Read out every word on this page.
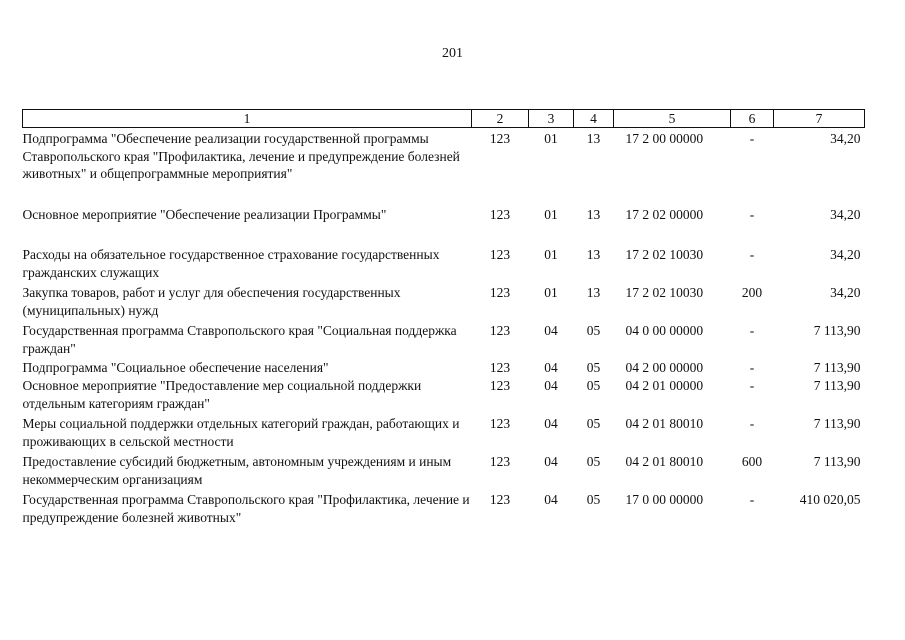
201
1	2	3	4	5	6	7

Подпрограмма "Обеспечение реализации государственной программы Ставропольского края "Профилактика, лечение и предупреждение болезней животных" и общепрограммные мероприятия"	123	01	13	17 2 00 00000	-	34,20
Основное мероприятие "Обеспечение реализации Программы"	123	01	13	17 2 02 00000	-	34,20
Расходы на обязательное государственное страхование государственных гражданских служащих	123	01	13	17 2 02 10030	-	34,20
Закупка товаров, работ и услуг для обеспечения государственных (муниципальных) нужд	123	01	13	17 2 02 10030	200	34,20
Государственная программа Ставропольского края "Социальная поддержка граждан"	123	04	05	04 0 00 00000	-	7 113,90
Подпрограмма "Социальное обеспечение населения"	123	04	05	04 2 00 00000	-	7 113,90
Основное мероприятие "Предоставление мер социальной поддержки отдельным категориям граждан"	123	04	05	04 2 01 00000	-	7 113,90
Меры социальной поддержки отдельных категорий граждан, работающих и проживающих в сельской местности	123	04	05	04 2 01 80010	-	7 113,90
Предоставление субсидий бюджетным, автономным учреждениям и иным некоммерческим организациям	123	04	05	04 2 01 80010	600	7 113,90
Государственная программа Ставропольского края "Профилактика, лечение и предупреждение болезней животных"	123	04	05	17 0 00 00000	-	410 020,05
